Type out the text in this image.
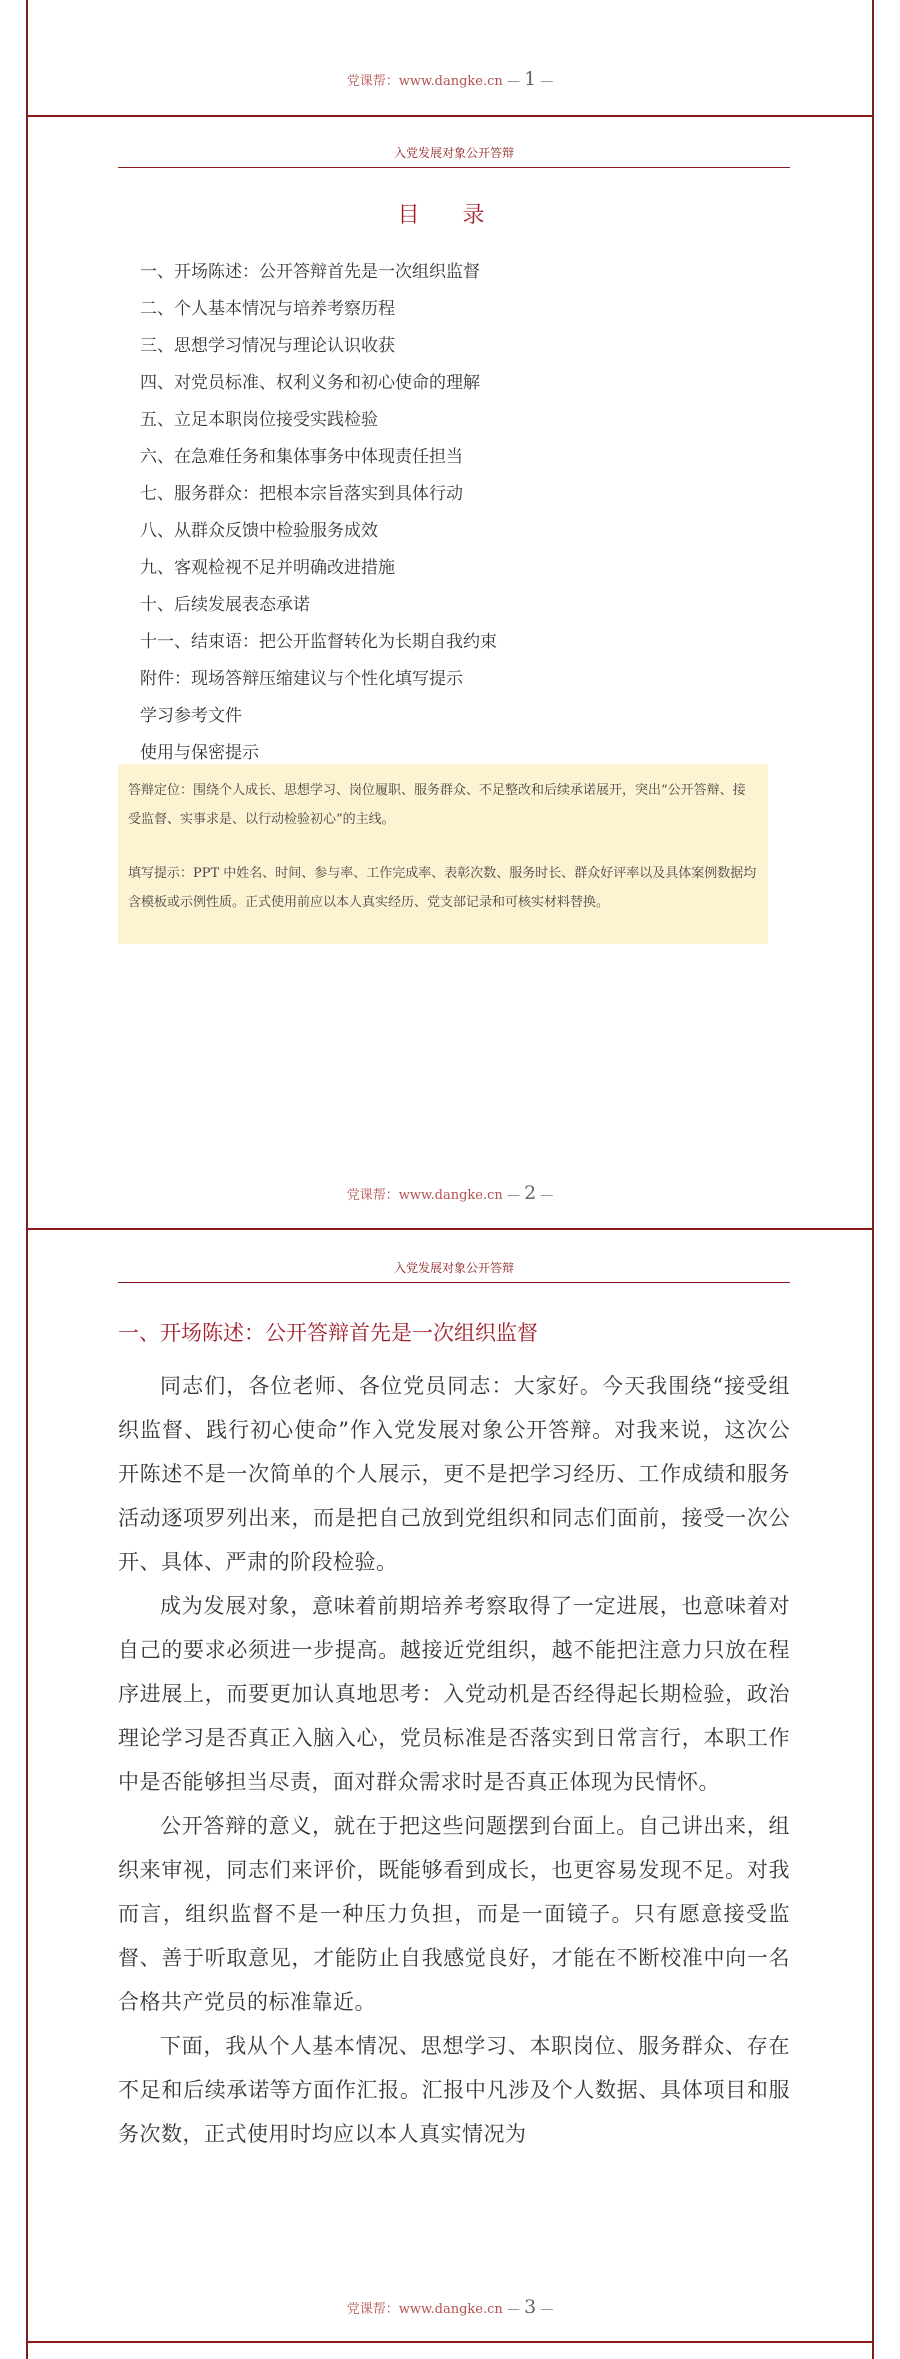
党课帮：www.dangke.cn — 1 —
入党发展对象公开答辩
目 录
一、开场陈述：公开答辩首先是一次组织监督
二、个人基本情况与培养考察历程
三、思想学习情况与理论认识收获
四、对党员标准、权利义务和初心使命的理解
五、立足本职岗位接受实践检验
六、在急难任务和集体事务中体现责任担当
七、服务群众：把根本宗旨落实到具体行动
八、从群众反馈中检验服务成效
九、客观检视不足并明确改进措施
十、后续发展表态承诺
十一、结束语：把公开监督转化为长期自我约束
附件：现场答辩压缩建议与个性化填写提示
学习参考文件
使用与保密提示

答辩定位：围绕个人成长、思想学习、岗位履职、服务群众、不足整改和后续承诺展开，突出“公开答辩、接受监督、实事求是、以行动检验初心”的主线。

填写提示：PPT 中姓名、时间、参与率、工作完成率、表彰次数、服务时长、群众好评率以及具体案例数据均含模板或示例性质。正式使用前应以本人真实经历、党支部记录和可核实材料替换。

党课帮：www.dangke.cn — 2 —
入党发展对象公开答辩
一、开场陈述：公开答辩首先是一次组织监督

同志们，各位老师、各位党员同志：大家好。今天我围绕“接受组织监督、践行初心使命”作入党发展对象公开答辩。对我来说，这次公开陈述不是一次简单的个人展示，更不是把学习经历、工作成绩和服务活动逐项罗列出来，而是把自己放到党组织和同志们面前，接受一次公开、具体、严肃的阶段检验。

成为发展对象，意味着前期培养考察取得了一定进展，也意味着对自己的要求必须进一步提高。越接近党组织，越不能把注意力只放在程序进展上，而要更加认真地思考：入党动机是否经得起长期检验，政治理论学习是否真正入脑入心，党员标准是否落实到日常言行，本职工作中是否能够担当尽责，面对群众需求时是否真正体现为民情怀。

公开答辩的意义，就在于把这些问题摆到台面上。自己讲出来，组织来审视，同志们来评价，既能够看到成长，也更容易发现不足。对我而言，组织监督不是一种压力负担，而是一面镜子。只有愿意接受监督、善于听取意见，才能防止自我感觉良好，才能在不断校准中向一名合格共产党员的标准靠近。

下面，我从个人基本情况、思想学习、本职岗位、服务群众、存在不足和后续承诺等方面作汇报。汇报中凡涉及个人数据、具体项目和服务次数，正式使用时均应以本人真实情况为

党课帮：www.dangke.cn — 3 —
